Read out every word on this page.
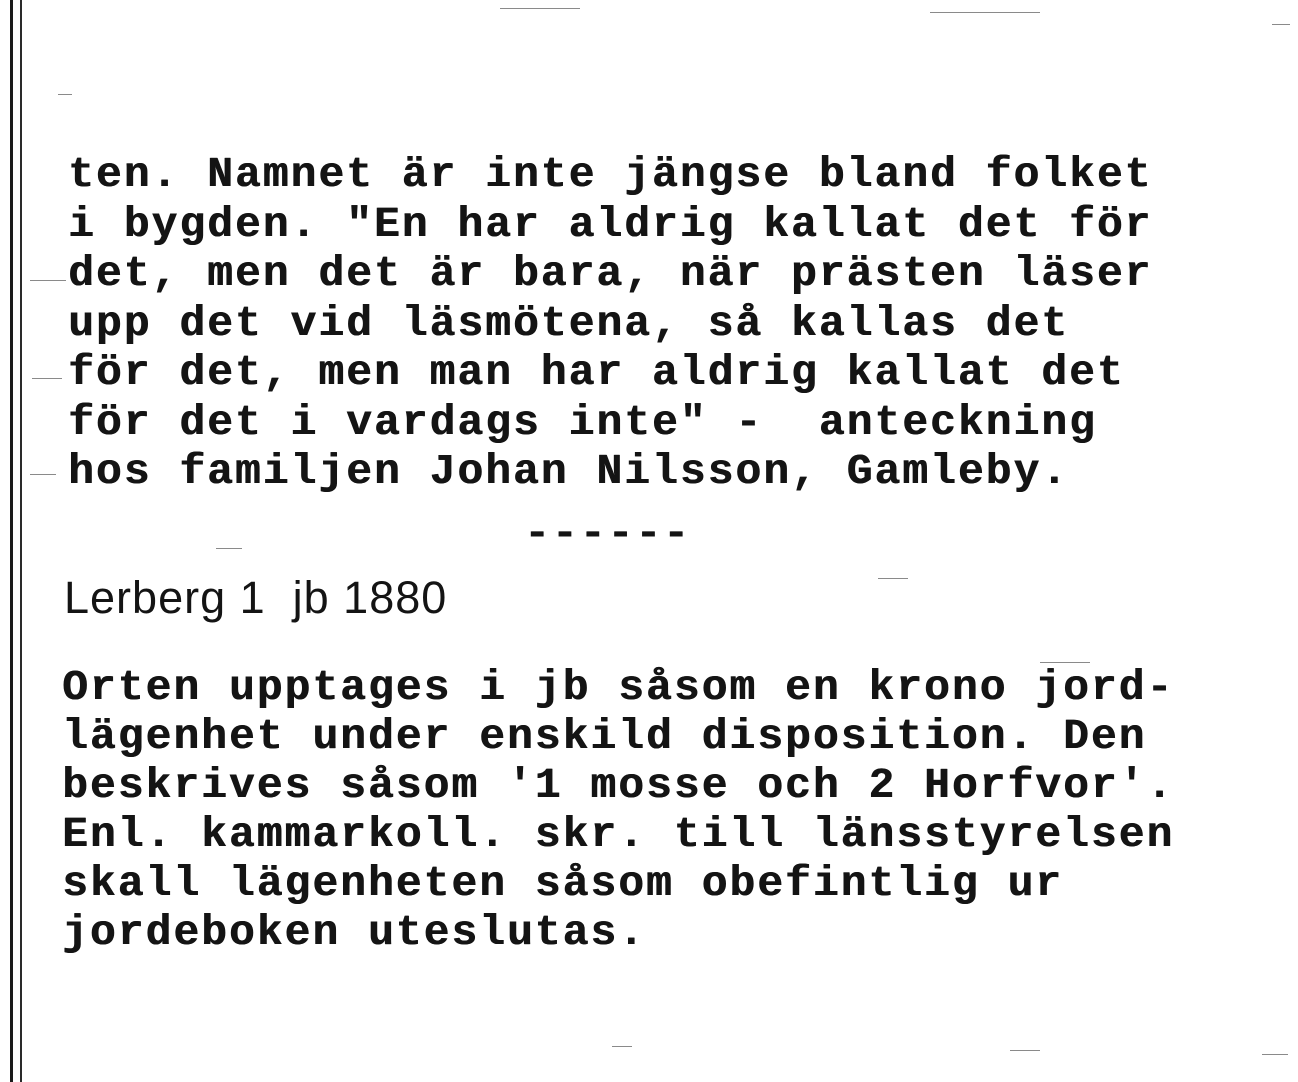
ten. Namnet är inte jängse bland folket
i bygden. "En har aldrig kallat det för
det, men det är bara, när prästen läser
upp det vid läsmötena, så kallas det
för det, men man har aldrig kallat det
för det i vardags inte" -  anteckning
hos familjen Johan Nilsson, Gamleby.

------

Lerberg 1  jb 1880

Orten upptages i jb såsom en krono jord-
lägenhet under enskild disposition. Den
beskrives såsom '1 mosse och 2 Horfvor'.
Enl. kammarkoll. skr. till länsstyrelsen
skall lägenheten såsom obefintlig ur
jordeboken uteslutas.
